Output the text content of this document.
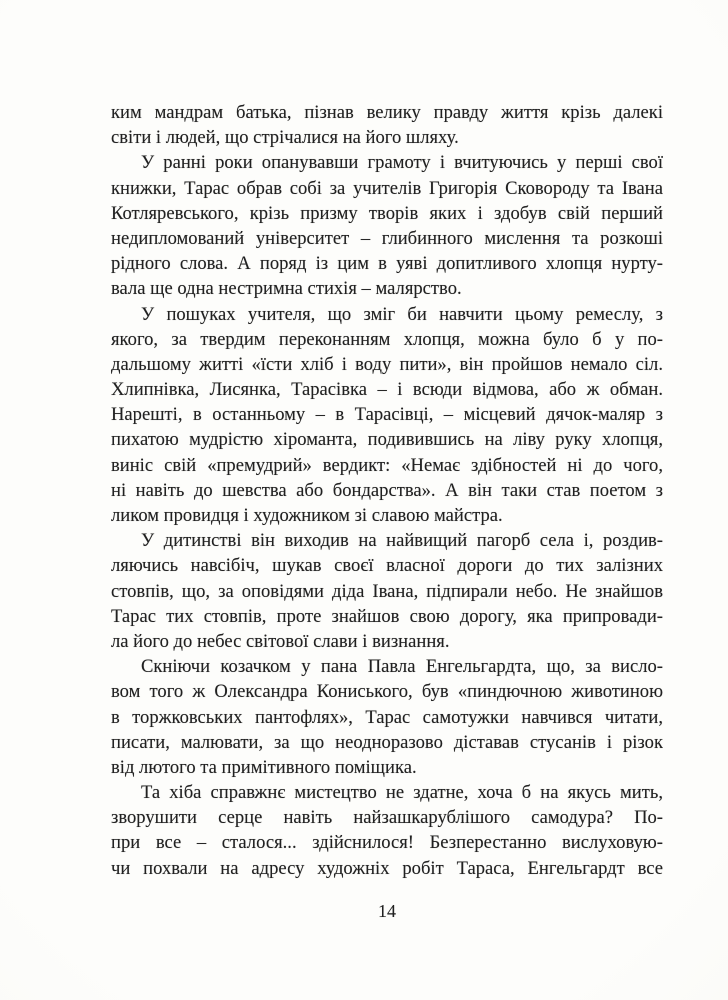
ким мандрам батька, пізнав велику правду життя крізь далекі
світи і людей, що стрічалися на його шляху.
У ранні роки опанувавши грамоту і вчитуючись у перші свої
книжки, Тарас обрав собі за учителів Григорія Сковороду та Івана
Котляревського, крізь призму творів яких і здобув свій перший
недипломований університет – глибинного мислення та розкоші
рідного слова. А поряд із цим в уяві допитливого хлопця нурту-
вала ще одна нестримна стихія – малярство.
У пошуках учителя, що зміг би навчити цьому ремеслу, з
якого, за твердим переконанням хлопця, можна було б у по-
дальшому житті «їсти хліб і воду пити», він пройшов немало сіл.
Хлипнівка, Лисянка, Тарасівка – і всюди відмова, або ж обман.
Нарешті, в останньому – в Тарасівці, – місцевий дячок-маляр з
пихатою мудрістю хіроманта, подивившись на ліву руку хлопця,
виніс свій «премудрий» вердикт: «Немає здібностей ні до чого,
ні навіть до шевства або бондарства». А він таки став поетом з
ликом провидця і художником зі славою майстра.
У дитинстві він виходив на найвищий пагорб села і, роздив-
ляючись навсібіч, шукав своєї власної дороги до тих залізних
стовпів, що, за оповідями діда Івана, підпирали небо. Не знайшов
Тарас тих стовпів, проте знайшов свою дорогу, яка припровади-
ла його до небес світової слави і визнання.
Скніючи козачком у пана Павла Енгельгардта, що, за висло-
вом того ж Олександра Кониського, був «пиндючною животиною
в торжковських пантофлях», Тарас самотужки навчився читати,
писати, малювати, за що неодноразово діставав стусанів і різок
від лютого та примітивного поміщика.
Та хіба справжнє мистецтво не здатне, хоча б на якусь мить,
зворушити серце навіть найзашкарублішого самодура? По-
при все – сталося... здійснилося! Безперестанно вислуховую-
чи похвали на адресу художніх робіт Тараса, Енгельгардт все
14
